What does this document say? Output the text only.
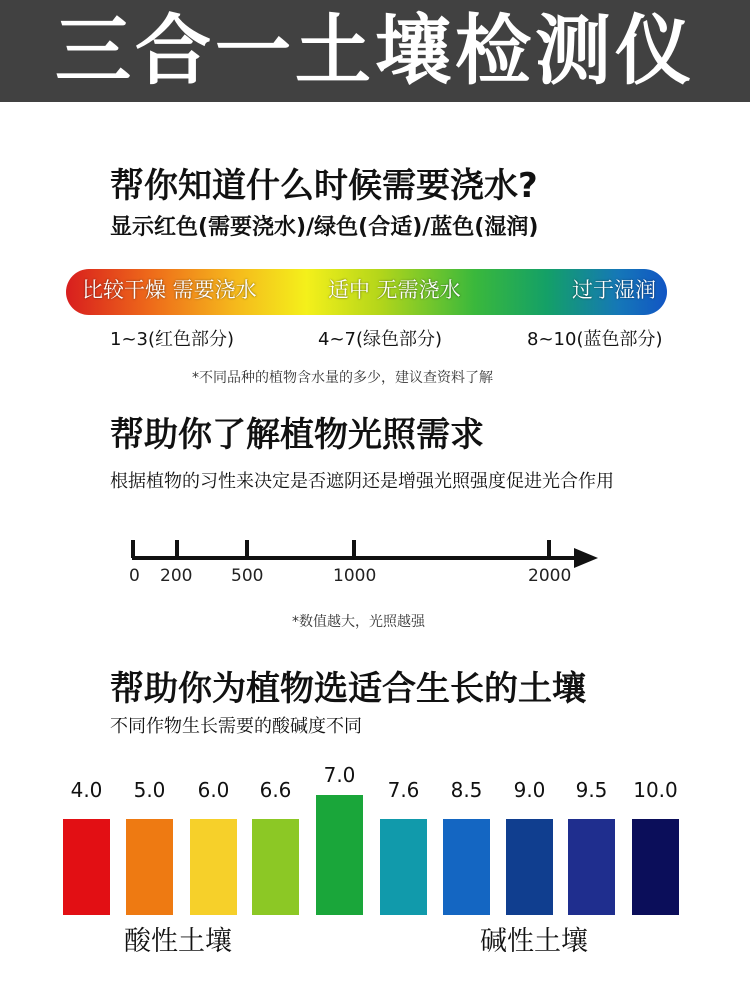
三合一土壤检测仪
帮你知道什么时候需要浇水?
显示红色(需要浇水)/绿色(合适)/蓝色(湿润)
比较干燥 需要浇水	适中 无需浇水	过于湿润
1~3(红色部分)	4~7(绿色部分)	8~10(蓝色部分)
*不同品种的植物含水量的多少，建议查资料了解
帮助你了解植物光照需求
根据植物的习性来决定是否遮阴还是增强光照强度促进光合作用
0 200 500	1000	2000
*数值越大，光照越强
帮助你为植物选适合生长的土壤
不同作物生长需要的酸碱度不同
4.0	5.0	6.0	6.6
7.0
7.6	8.5	9.0	9.5	10.0
酸性土壤	碱性土壤
